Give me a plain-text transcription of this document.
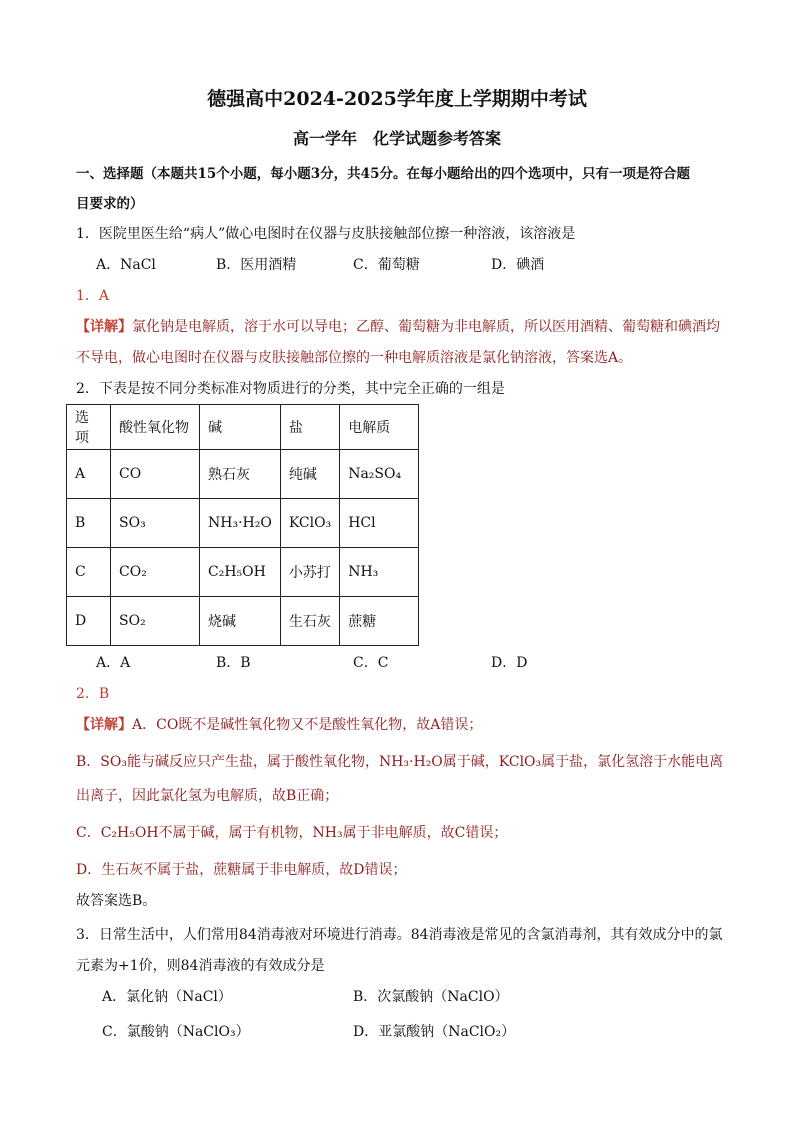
德强高中2024-2025学年度上学期期中考试
高一学年　化学试题参考答案
一、选择题（本题共15个小题，每小题3分，共45分。在每小题给出的四个选项中，只有一项是符合题
目要求的）
1．医院里医生给“病人”做心电图时在仪器与皮肤接触部位擦一种溶液，该溶液是
A．NaCl	B．医用酒精	C．葡萄糖	D．碘酒
1．A
【详解】氯化钠是电解质，溶于水可以导电；乙醇、葡萄糖为非电解质，所以医用酒精、葡萄糖和碘酒均
不导电，做心电图时在仪器与皮肤接触部位擦的一种电解质溶液是氯化钠溶液，答案选A。
2．下表是按不同分类标准对物质进行的分类，其中完全正确的一组是
选项	酸性氧化物	碱	盐	电解质
A	CO	熟石灰	纯碱	Na₂SO₄
B	SO₃	NH₃·H₂O	KClO₃	HCl
C	CO₂	C₂H₅OH	小苏打	NH₃
D	SO₂	烧碱	生石灰	蔗糖
A．A	B．B	C．C	D．D
2．B
【详解】A．CO既不是碱性氧化物又不是酸性氧化物，故A错误；
B．SO₃能与碱反应只产生盐，属于酸性氧化物，NH₃·H₂O属于碱，KClO₃属于盐，氯化氢溶于水能电离
出离子，因此氯化氢为电解质，故B正确；
C．C₂H₅OH不属于碱，属于有机物，NH₃属于非电解质，故C错误；
D．生石灰不属于盐，蔗糖属于非电解质，故D错误；
故答案选B。
3．日常生活中，人们常用84消毒液对环境进行消毒。84消毒液是常见的含氯消毒剂，其有效成分中的氯
元素为+1价，则84消毒液的有效成分是
A．氯化钠（NaCl）	B．次氯酸钠（NaClO）
C．氯酸钠（NaClO₃）	D．亚氯酸钠（NaClO₂）
